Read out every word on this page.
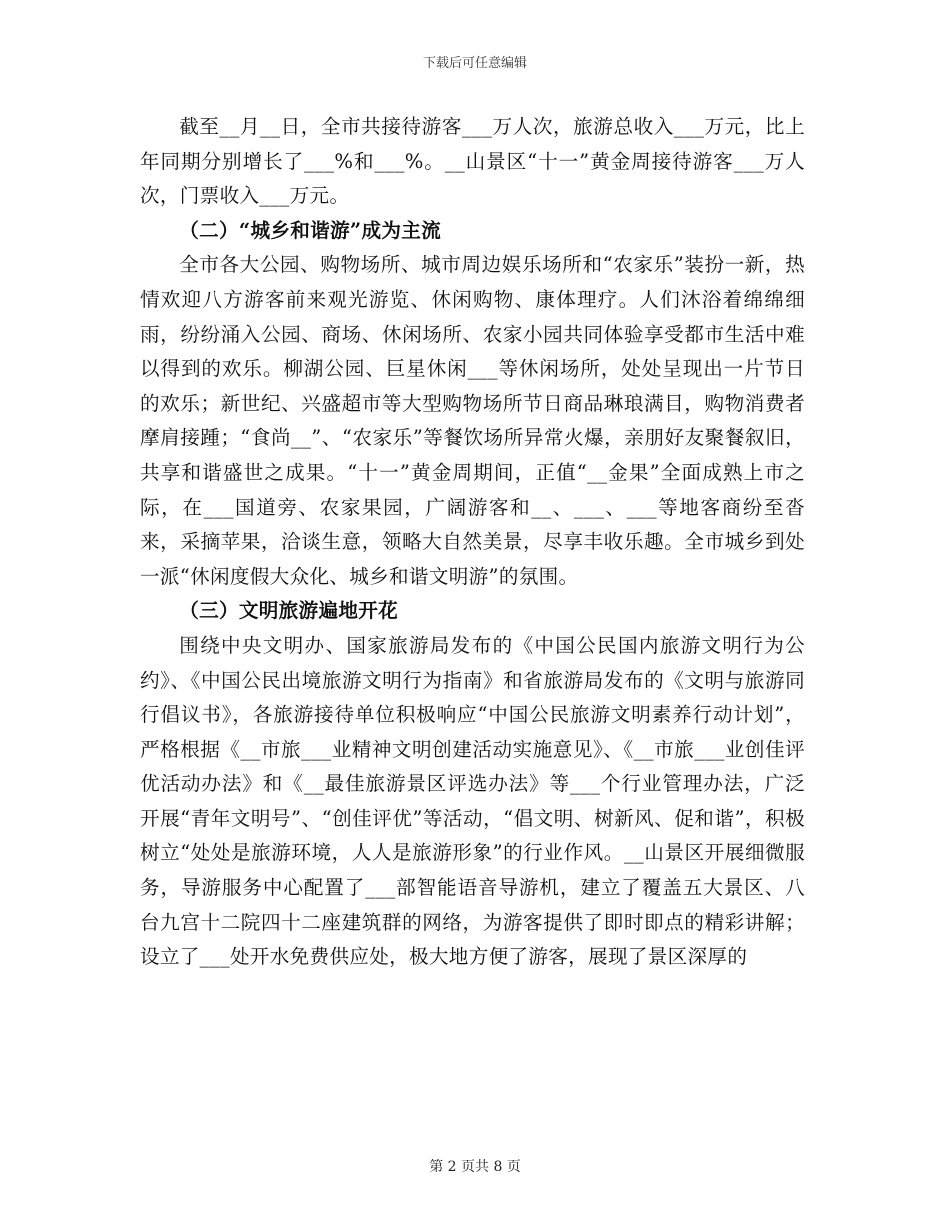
下载后可任意编辑

截至__月__日，全市共接待游客___万人次，旅游总收入___万元，比上年同期分别增长了___%和___%。__山景区“十一”黄金周接待游客___万人次，门票收入___万元。

（二）“城乡和谐游”成为主流

全市各大公园、购物场所、城市周边娱乐场所和“农家乐”装扮一新，热情欢迎八方游客前来观光游览、休闲购物、康体理疗。人们沐浴着绵绵细雨，纷纷涌入公园、商场、休闲场所、农家小园共同体验享受都市生活中难以得到的欢乐。柳湖公园、巨星休闲___等休闲场所，处处呈现出一片节日的欢乐；新世纪、兴盛超市等大型购物场所节日商品琳琅满目，购物消费者摩肩接踵；“食尚__”、“农家乐”等餐饮场所异常火爆，亲朋好友聚餐叙旧，共享和谐盛世之成果。“十一”黄金周期间，正值“__金果”全面成熟上市之际，在___国道旁、农家果园，广阔游客和__、___、___等地客商纷至沓来，采摘苹果，洽谈生意，领略大自然美景，尽享丰收乐趣。全市城乡到处一派“休闲度假大众化、城乡和谐文明游”的氛围。

（三）文明旅游遍地开花

围绕中央文明办、国家旅游局发布的《中国公民国内旅游文明行为公约》、《中国公民出境旅游文明行为指南》和省旅游局发布的《文明与旅游同行倡议书》，各旅游接待单位积极响应“中国公民旅游文明素养行动计划”，严格根据《__市旅___业精神文明创建活动实施意见》、《__市旅___业创佳评优活动办法》和《__最佳旅游景区评选办法》等___个行业管理办法，广泛开展“青年文明号”、“创佳评优”等活动，“倡文明、树新风、促和谐”，积极树立“处处是旅游环境，人人是旅游形象”的行业作风。__山景区开展细微服务，导游服务中心配置了___部智能语音导游机，建立了覆盖五大景区、八台九宫十二院四十二座建筑群的网络，为游客提供了即时即点的精彩讲解；设立了___处开水免费供应处，极大地方便了游客，展现了景区深厚的

第 2 页共 8 页
